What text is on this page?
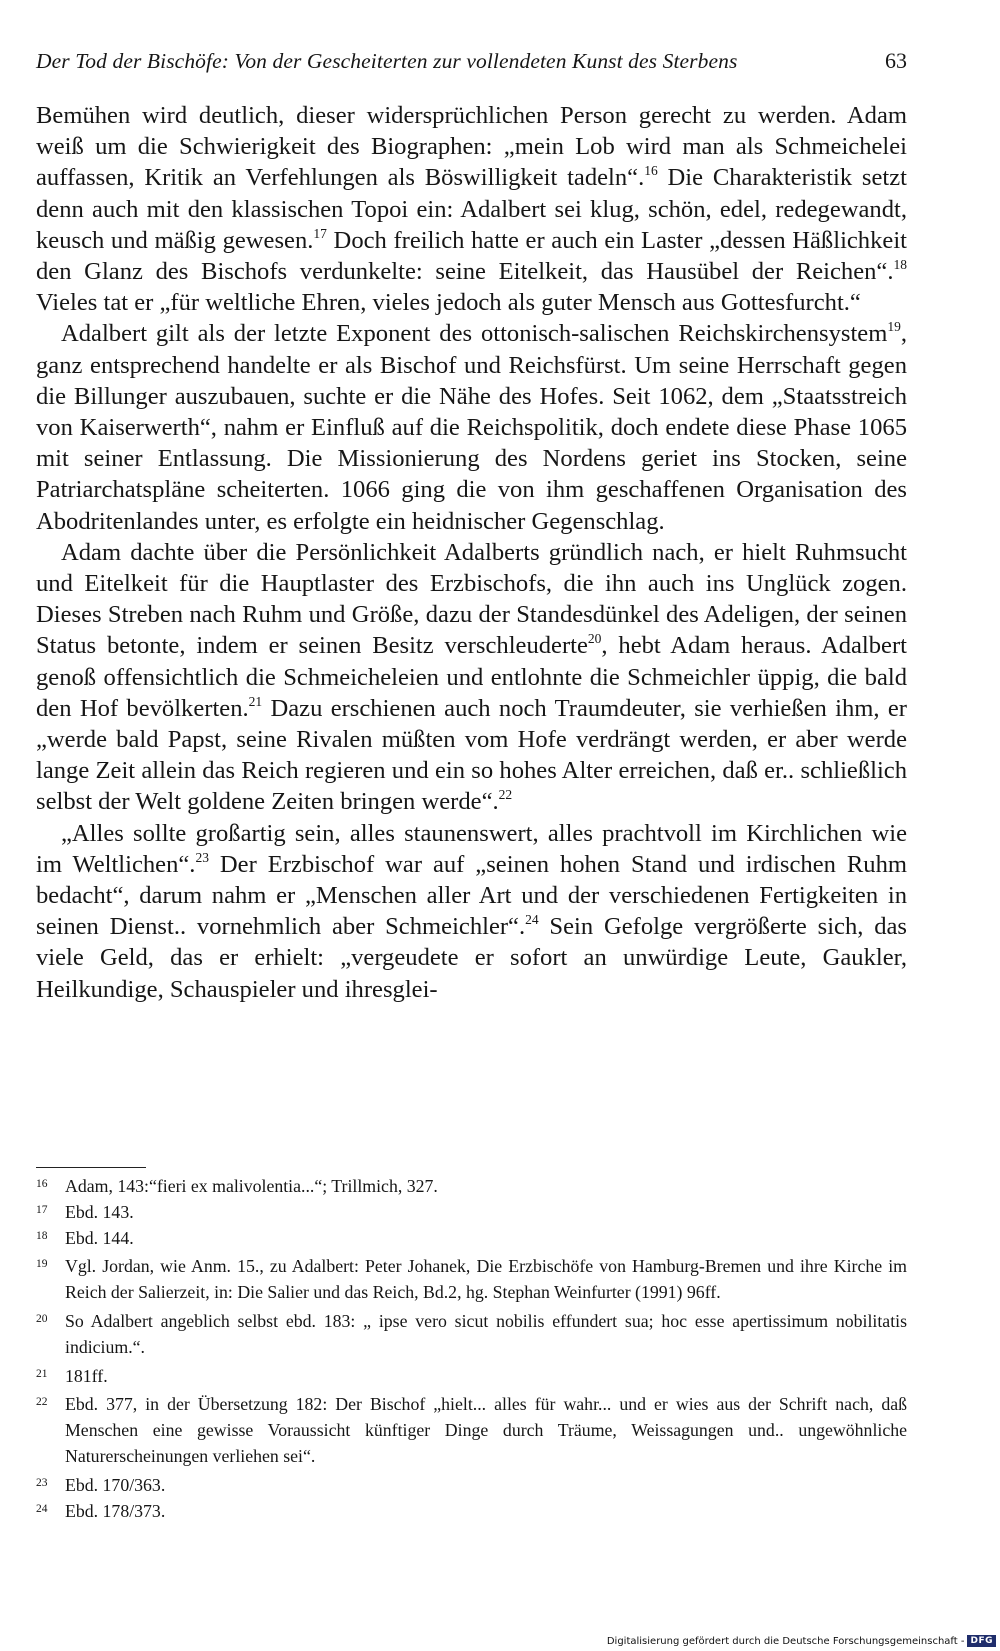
Der Tod der Bischöfe: Von der Gescheiterten zur vollendeten Kunst des Sterbens	63

Bemühen wird deutlich, dieser widersprüchlichen Person gerecht zu werden. Adam weiß um die Schwierigkeit des Biographen: „mein Lob wird man als Schmeichelei auffassen, Kritik an Verfehlungen als Böswilligkeit tadeln“.$^{16}$ Die Charakteristik setzt denn auch mit den klassischen Topoi ein: Adalbert sei klug, schön, edel, redegewandt, keusch und mäßig gewesen.$^{17}$ Doch freilich hatte er auch ein Laster „dessen Häßlichkeit den Glanz des Bischofs verdunkelte: seine Eitelkeit, das Hausübel der Reichen“.$^{18}$ Vieles tat er „für weltliche Ehren, vieles jedoch als guter Mensch aus Gottesfurcht.“

Adalbert gilt als der letzte Exponent des ottonisch-salischen Reichskirchensystem$^{19}$, ganz entsprechend handelte er als Bischof und Reichsfürst. Um seine Herrschaft gegen die Billunger auszubauen, suchte er die Nähe des Hofes. Seit 1062, dem „Staatsstreich von Kaiserwerth“, nahm er Einfluß auf die Reichspolitik, doch endete diese Phase 1065 mit seiner Entlassung. Die Missionierung des Nordens geriet ins Stocken, seine Patriarchatspläne scheiterten. 1066 ging die von ihm geschaffenen Organisation des Abodritenlandes unter, es erfolgte ein heidnischer Gegenschlag.

Adam dachte über die Persönlichkeit Adalberts gründlich nach, er hielt Ruhmsucht und Eitelkeit für die Hauptlaster des Erzbischofs, die ihn auch ins Unglück zogen. Dieses Streben nach Ruhm und Größe, dazu der Standesdünkel des Adeligen, der seinen Status betonte, indem er seinen Besitz verschleuderte$^{20}$, hebt Adam heraus. Adalbert genoß offensichtlich die Schmeicheleien und entlohnte die Schmeichler üppig, die bald den Hof bevölkerten.$^{21}$ Dazu erschienen auch noch Traumdeuter, sie verhießen ihm, er „werde bald Papst, seine Rivalen müßten vom Hofe verdrängt werden, er aber werde lange Zeit allein das Reich regieren und ein so hohes Alter erreichen, daß er.. schließlich selbst der Welt goldene Zeiten bringen werde“.$^{22}$

„Alles sollte großartig sein, alles staunenswert, alles prachtvoll im Kirchlichen wie im Weltlichen“.$^{23}$ Der Erzbischof war auf „seinen hohen Stand und irdischen Ruhm bedacht“, darum nahm er „Menschen aller Art und der verschiedenen Fertigkeiten in seinen Dienst.. vornehmlich aber Schmeichler“.$^{24}$ Sein Gefolge vergrößerte sich, das viele Geld, das er erhielt: „vergeudete er sofort an unwürdige Leute, Gaukler, Heilkundige, Schauspieler und ihresglei-

16 Adam, 143:“fieri ex malivolentia...“; Trillmich, 327.

17 Ebd. 143.

18 Ebd. 144.

19 Vgl. Jordan, wie Anm. 15., zu Adalbert: Peter Johanek, Die Erzbischöfe von Hamburg-Bremen und ihre Kirche im Reich der Salierzeit, in: Die Salier und das Reich, Bd.2, hg. Stephan Weinfurter (1991) 96ff.

20 So Adalbert angeblich selbst ebd. 183: „ ipse vero sicut nobilis effundert sua; hoc esse apertissimum nobilitatis indicium.“.

21 181ff.

22 Ebd. 377, in der Übersetzung 182: Der Bischof „hielt... alles für wahr... und er wies aus der Schrift nach, daß Menschen eine gewisse Voraussicht künftiger Dinge durch Träume, Weissagungen und.. ungewöhnliche Naturerscheinungen verliehen sei“.

23 Ebd. 170/363.

24 Ebd. 178/373.

Digitalisierung gefördert durch die Deutsche Forschungsgemeinschaft - DFG
